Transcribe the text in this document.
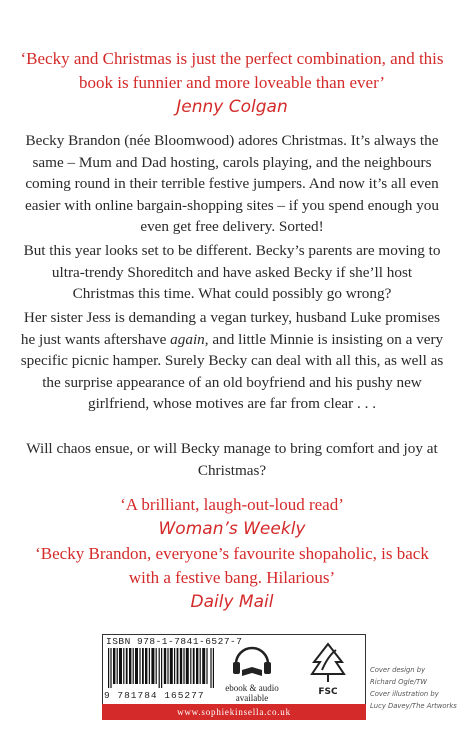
‘Becky and Christmas is just the perfect combination, and this book is funnier and more loveable than ever’
Jenny Colgan
Becky Brandon (née Bloomwood) adores Christmas. It’s always the same – Mum and Dad hosting, carols playing, and the neighbours coming round in their terrible festive jumpers. And now it’s all even easier with online bargain-shopping sites – if you spend enough you even get free delivery. Sorted!
But this year looks set to be different. Becky’s parents are moving to ultra-trendy Shoreditch and have asked Becky if she’ll host Christmas this time. What could possibly go wrong?
Her sister Jess is demanding a vegan turkey, husband Luke promises he just wants aftershave again, and little Minnie is insisting on a very specific picnic hamper. Surely Becky can deal with all this, as well as the surprise appearance of an old boyfriend and his pushy new girlfriend, whose motives are far from clear . . .
Will chaos ensue, or will Becky manage to bring comfort and joy at Christmas?
‘A brilliant, laugh-out-loud read’
Woman’s Weekly
‘Becky Brandon, everyone’s favourite shopaholic, is back with a festive bang. Hilarious’
Daily Mail
ISBN 978-1-7841-6527-7
9 781784 165277
ebook & audio available
FSC
www.sophiekinsella.co.uk
Cover design by
Richard Ogle/TW
Cover illustration by
Lucy Davey/The Artworks
